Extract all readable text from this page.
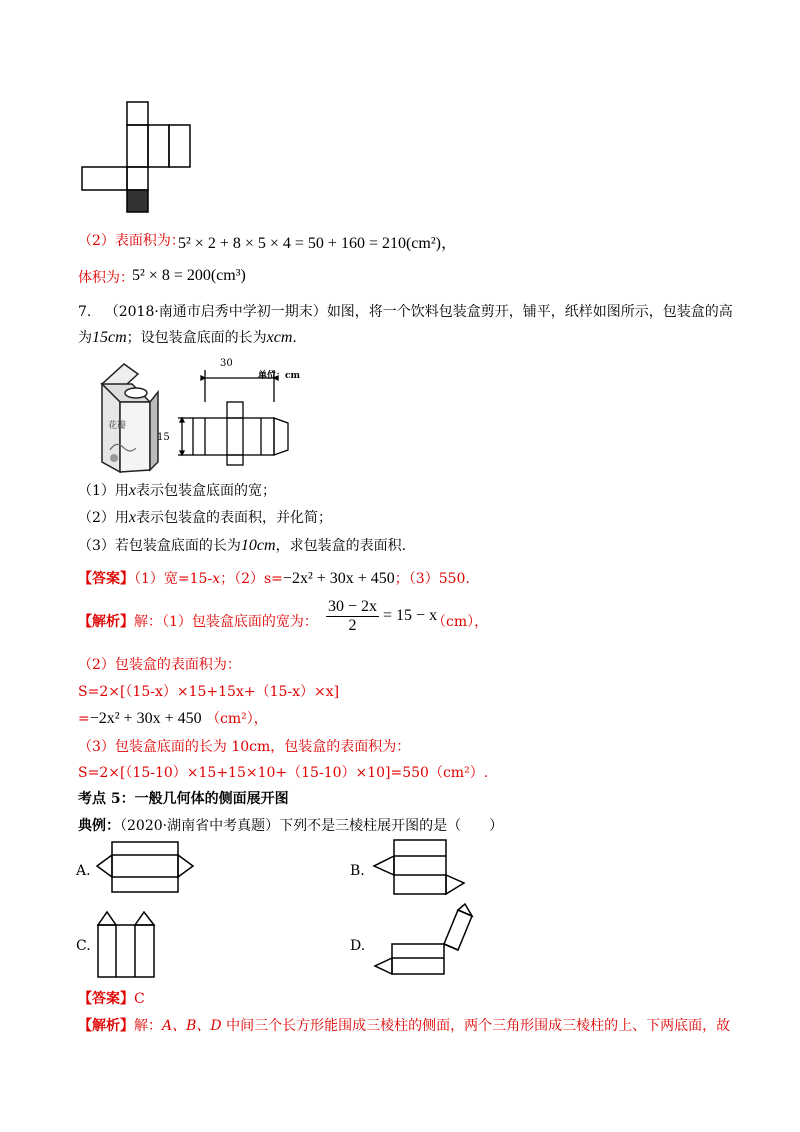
（2）表面积为：
5² × 2 + 8 × 5 × 4 = 50 + 160 = 210(cm²)，
体积为：
5² × 8 = 200(cm³)
7. （2018·南通市启秀中学初一期末）如图，将一个饮料包装盒剪开，铺平，纸样如图所示，包装盒的高
为15cm；设包装盒底面的长为xcm.
花瓣
30
15
单位：cm
（1）用x表示包装盒底面的宽；
（2）用x表示包装盒的表面积，并化简；
（3）若包装盒底面的长为10cm，求包装盒的表面积.
【答案】（1）宽=15-x；（2）s=−2x² + 30x + 450；（3）550.
【解析】解：（1）包装盒底面的宽为： $\frac{30 - 2x}{2} = 15 - x$
（cm），
（2）包装盒的表面积为：
S=2×[（15-x）×15+15x+（15-x）×x]
=−2x² + 30x + 450 （cm²），
（3）包装盒底面的长为 10cm，包装盒的表面积为：
S=2×[（15-10）×15+15×10+（15-10）×10]=550（cm²）.
考点 5：一般几何体的侧面展开图
典例：（2020·湖南省中考真题）下列不是三棱柱展开图的是（　　）
A.	B.
C.	D.
【答案】C
【解析】解：A、B、D 中间三个长方形能围成三棱柱的侧面，两个三角形围成三棱柱的上、下两底面，故
